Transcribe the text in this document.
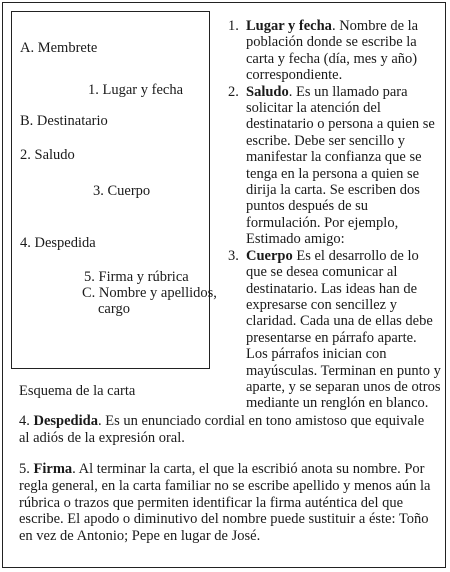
A. Membrete
1. Lugar y fecha
B. Destinatario
2. Saludo
3. Cuerpo
4. Despedida
5. Firma y rúbrica
C. Nombre y apellidos,
cargo
Esquema de la carta
1. Lugar y fecha. Nombre de la población donde se escribe la carta y fecha (día, mes y año) correspondiente.
2. Saludo. Es un llamado para solicitar la atención del destinatario o persona a quien se escribe. Debe ser sencillo y manifestar la confianza que se tenga en la persona a quien se dirija la carta. Se escriben dos puntos después de su formulación. Por ejemplo, Estimado amigo:
3. Cuerpo Es el desarrollo de lo que se desea comunicar al destinatario. Las ideas han de expresarse con sencillez y claridad. Cada una de ellas debe presentarse en párrafo aparte. Los párrafos inician con mayúsculas. Terminan en punto y aparte, y se separan unos de otros mediante un renglón en blanco.
4. Despedida. Es un enunciado cordial en tono amistoso que equivale al adiós de la expresión oral.
5. Firma. Al terminar la carta, el que la escribió anota su nombre. Por regla general, en la carta familiar no se escribe apellido y menos aún la rúbrica o trazos que permiten identificar la firma auténtica del que escribe. El apodo o diminutivo del nombre puede sustituir a éste: Toño en vez de Antonio; Pepe en lugar de José.
